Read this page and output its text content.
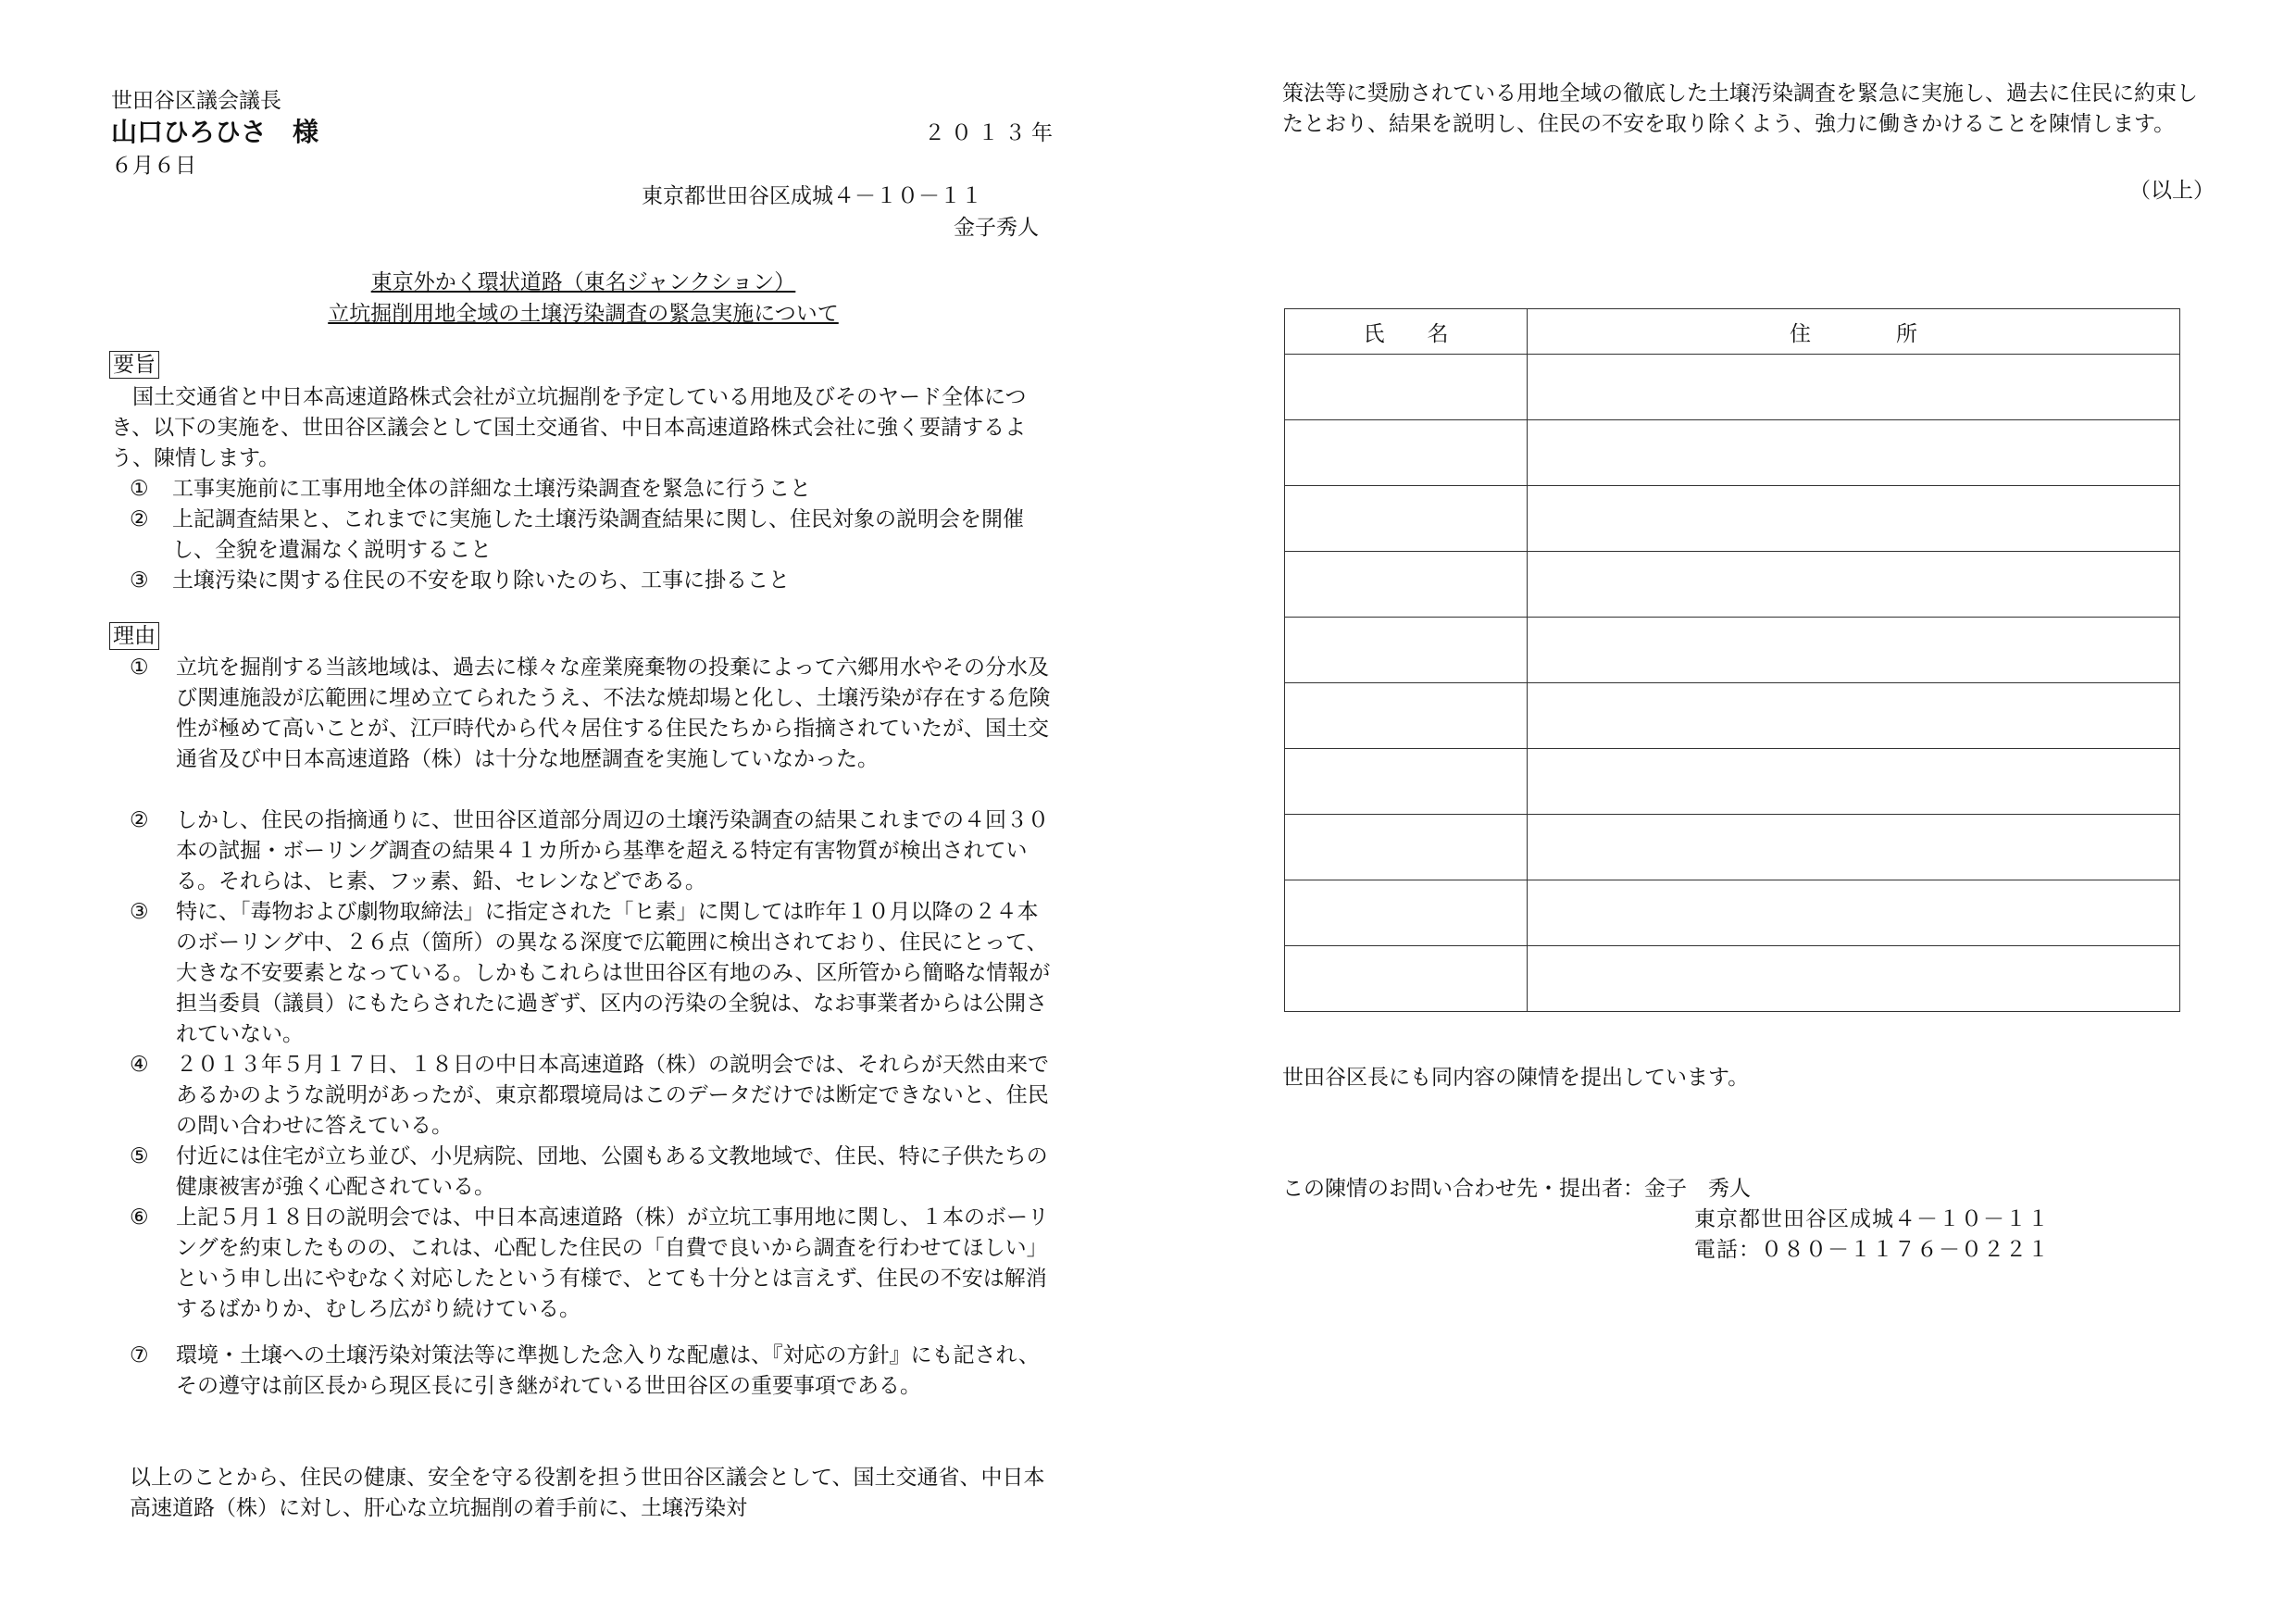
世田谷区議会議長
山口ひろひさ　様	２０１３年
６月６日
東京都世田谷区成城４－１０－１１
金子秀人
東京外かく環状道路（東名ジャンクション）
立坑掘削用地全域の土壌汚染調査の緊急実施について
要旨
国土交通省と中日本高速道路株式会社が立坑掘削を予定している用地及びそのヤード全体につき、以下の実施を、世田谷区議会として国土交通省、中日本高速道路株式会社に強く要請するよう、陳情します。
① 工事実施前に工事用地全体の詳細な土壌汚染調査を緊急に行うこと
② 上記調査結果と、これまでに実施した土壌汚染調査結果に関し、住民対象の説明会を開催し、全貌を遺漏なく説明すること
③ 土壌汚染に関する住民の不安を取り除いたのち、工事に掛ること
理由
① 立坑を掘削する当該地域は、過去に様々な産業廃棄物の投棄によって六郷用水やその分水及び関連施設が広範囲に埋め立てられたうえ、不法な焼却場と化し、土壌汚染が存在する危険性が極めて高いことが、江戸時代から代々居住する住民たちから指摘されていたが、国土交通省及び中日本高速道路（株）は十分な地歴調査を実施していなかった。
② しかし、住民の指摘通りに、世田谷区道部分周辺の土壌汚染調査の結果これまでの４回３０本の試掘・ボーリング調査の結果４１カ所から基準を超える特定有害物質が検出されている。それらは、ヒ素、フッ素、鉛、セレンなどである。
③ 特に、「毒物および劇物取締法」に指定された「ヒ素」に関しては昨年１０月以降の２４本のボーリング中、２６点（箇所）の異なる深度で広範囲に検出されており、住民にとって、大きな不安要素となっている。しかもこれらは世田谷区有地のみ、区所管から簡略な情報が担当委員（議員）にもたらされたに過ぎず、区内の汚染の全貌は、なお事業者からは公開されていない。
④ ２０１３年５月１７日、１８日の中日本高速道路（株）の説明会では、それらが天然由来であるかのような説明があったが、東京都環境局はこのデータだけでは断定できないと、住民の問い合わせに答えている。
⑤ 付近には住宅が立ち並び、小児病院、団地、公園もある文教地域で、住民、特に子供たちの健康被害が強く心配されている。
⑥ 上記５月１８日の説明会では、中日本高速道路（株）が立坑工事用地に関し、１本のボーリングを約束したものの、これは、心配した住民の「自費で良いから調査を行わせてほしい」という申し出にやむなく対応したという有様で、とても十分とは言えず、住民の不安は解消するばかりか、むしろ広がり続けている。
⑦ 環境・土壌への土壌汚染対策法等に準拠した念入りな配慮は、『対応の方針』にも記され、その遵守は前区長から現区長に引き継がれている世田谷区の重要事項である。
以上のことから、住民の健康、安全を守る役割を担う世田谷区議会として、国土交通省、中日本高速道路（株）に対し、肝心な立坑掘削の着手前に、土壌汚染対
策法等に奨励されている用地全域の徹底した土壌汚染調査を緊急に実施し、過去に住民に約束したとおり、結果を説明し、住民の不安を取り除くよう、強力に働きかけることを陳情します。
（以上）
氏　　名	住　　　　所

世田谷区長にも同内容の陳情を提出しています。
この陳情のお問い合わせ先・提出者：金子　秀人
東京都世田谷区成城４－１０－１１
電話：０８０－１１７６－０２２１
